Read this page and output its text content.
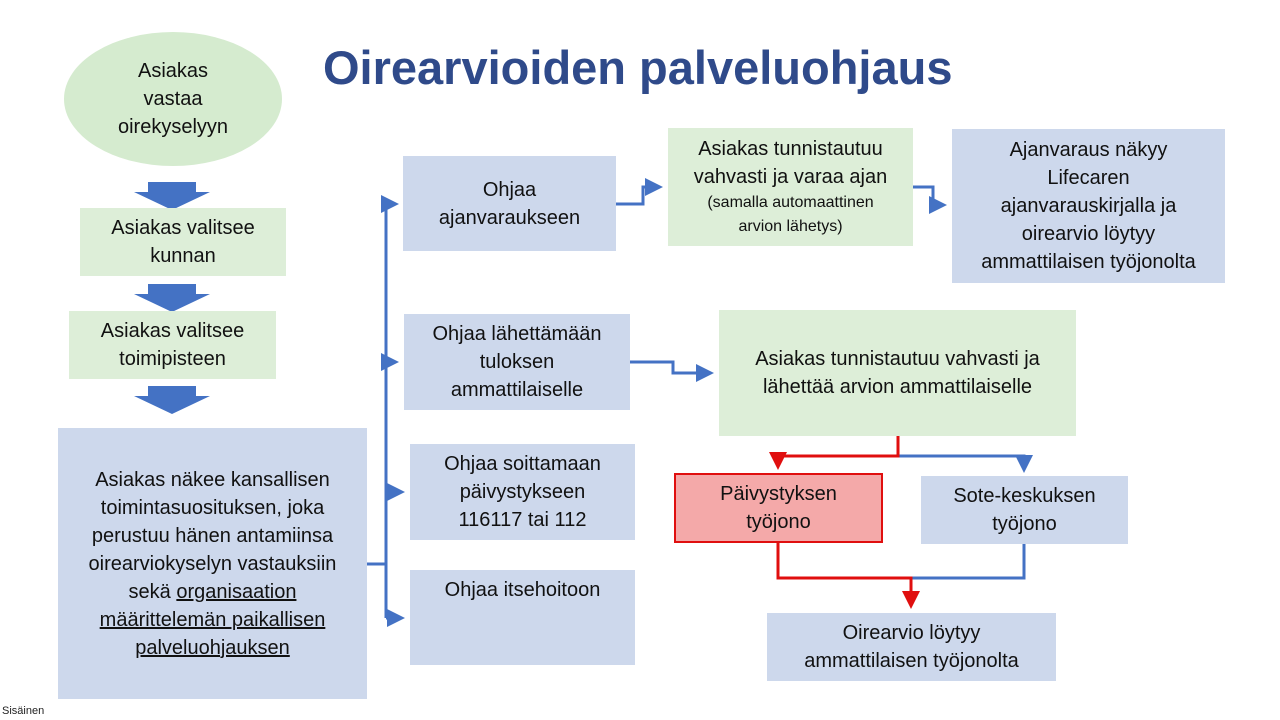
Oirearvioiden palveluohjaus
Asiakas
vastaa
oirekyselyyn
Asiakas valitsee
kunnan
Asiakas valitsee
toimipisteen
Asiakas näkee kansallisen
toimintasuosituksen, joka
perustuu hänen antamiinsa
oirearviokyselyn vastauksiin
sekä organisaation
määrittelemän paikallisen
palveluohjauksen
Ohjaa
ajanvaraukseen
Ohjaa lähettämään
tuloksen
ammattilaiselle
Ohjaa soittamaan
päivystykseen
116117 tai 112
Ohjaa itsehoitoon
Asiakas tunnistautuu
vahvasti ja varaa ajan
(samalla automaattinen
arvion lähetys)
Ajanvaraus näkyy
Lifecaren
ajanvarauskirjalla ja
oirearvio löytyy
ammattilaisen työjonolta
Asiakas tunnistautuu vahvasti ja
lähettää arvion ammattilaiselle
Päivystyksen
työjono
Sote-keskuksen
työjono
Oirearvio löytyy
ammattilaisen työjonolta
Sisäinen
